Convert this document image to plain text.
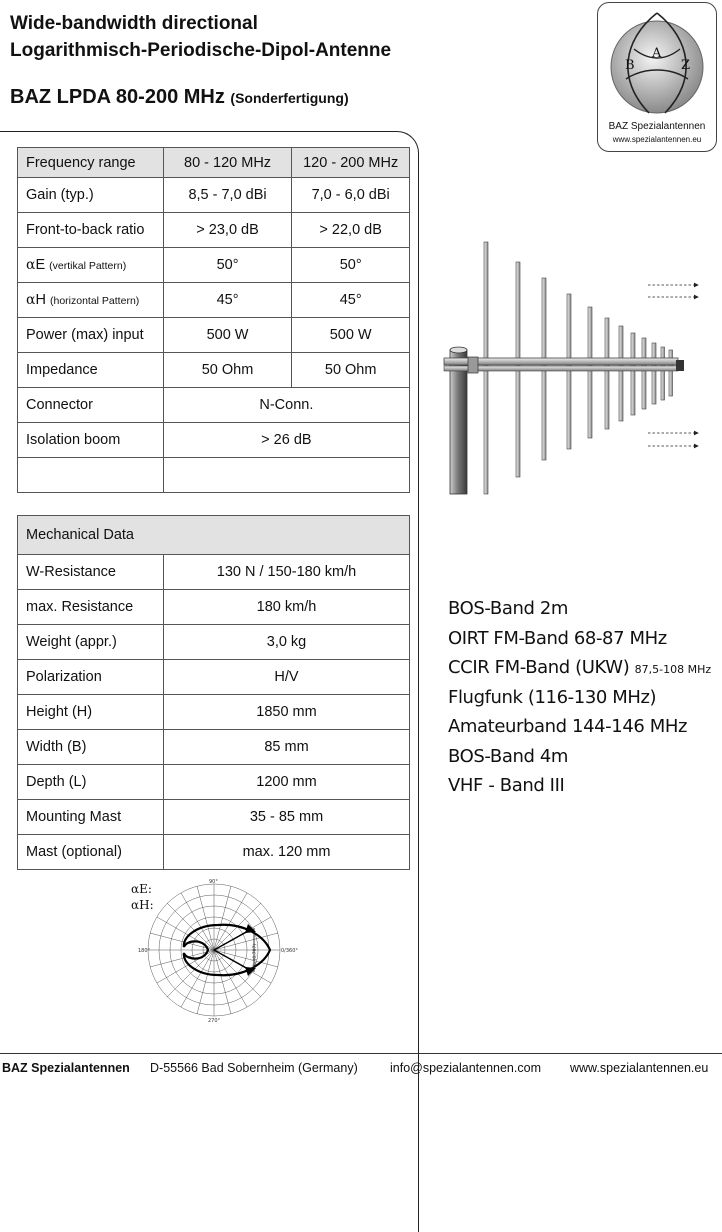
Wide-bandwidth directional
Logarithmisch-Periodische-Dipol-Antenne
BAZ LPDA 80-200 MHz (Sonderfertigung)
B
A
Z
BAZ Spezialantennen
www.spezialantennen.eu
Frequency range	80 - 120 MHz	120 - 200 MHz
Gain (typ.)	8,5 - 7,0 dBi	7,0 - 6,0 dBi
Front-to-back ratio	> 23,0 dB	> 22,0 dB
αE (vertikal Pattern)	50°	50°
αH (horizontal Pattern)	45°	45°
Power (max) input	500 W	500 W
Impedance	50 Ohm	50 Ohm
Connector	N-Conn.	
Isolation boom	> 26 dB	

Mechanical Data	
W-Resistance	130 N / 150-180 km/h
max. Resistance	180 km/h
Weight (appr.)	3,0 kg
Polarization	H/V
Height (H)	1850 mm
Width (B)	85 mm
Depth (L)	1200 mm
Mounting Mast	35 - 85 mm
Mast (optional)	max. 120 mm
BOS-Band 2m
OIRT FM-Band 68-87 MHz
CCIR FM-Band (UKW) 87,5-108 MHz
Flugfunk (116-130 MHz)
Amateurband 144-146 MHz
BOS-Band 4m
VHF - Band III
αE:
αH:
90°
180°	0/360°
270°
Hb (0,707)
BAZ Spezialantennen D-55566 Bad Sobernheim (Germany)	info@spezialantennen.com www.spezialantennen.eu
